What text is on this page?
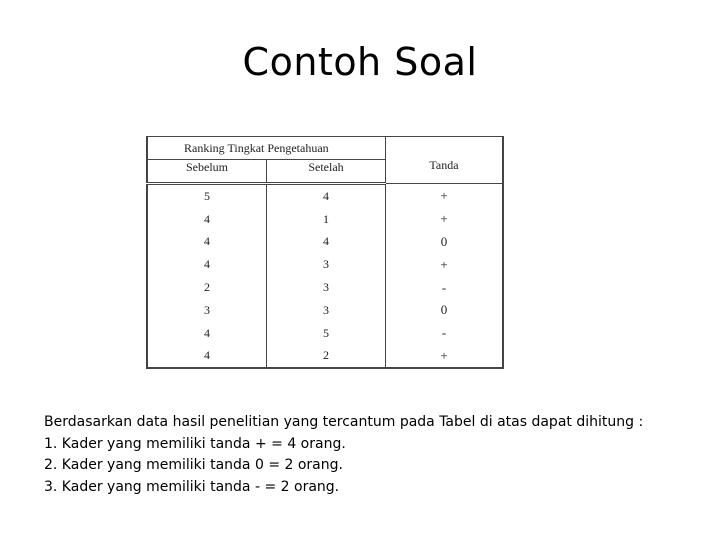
Contoh Soal
Ranking Tingkat Pengetahuan		Tanda
Sebelum	Setelah	
5	4	+
4	1	+
4	4	0
4	3	+
2	3	-
3	3	0
4	5	-
4	2	+

Berdasarkan data hasil penelitian yang tercantum pada Tabel di atas dapat dihitung :

1. Kader yang memiliki tanda + = 4 orang.

2. Kader yang memiliki tanda 0 = 2 orang.

3. Kader yang memiliki tanda - = 2 orang.
